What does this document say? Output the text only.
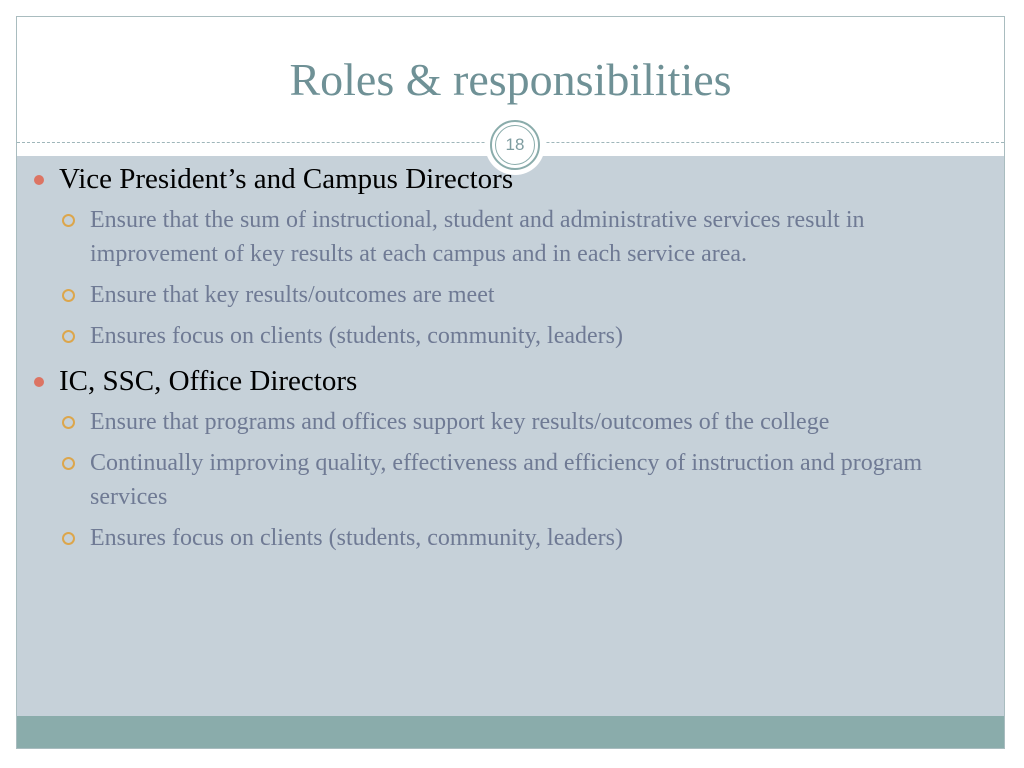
Roles & responsibilities
18
Vice President’s and Campus Directors
Ensure that the sum of instructional, student and administrative services result in improvement of key results at each campus and in each service area.
Ensure that key results/outcomes are meet
Ensures focus on clients (students, community, leaders)
IC, SSC, Office Directors
Ensure that programs and offices support key results/outcomes of the college
Continually improving quality, effectiveness and efficiency of instruction and program services
Ensures focus on clients (students, community, leaders)
